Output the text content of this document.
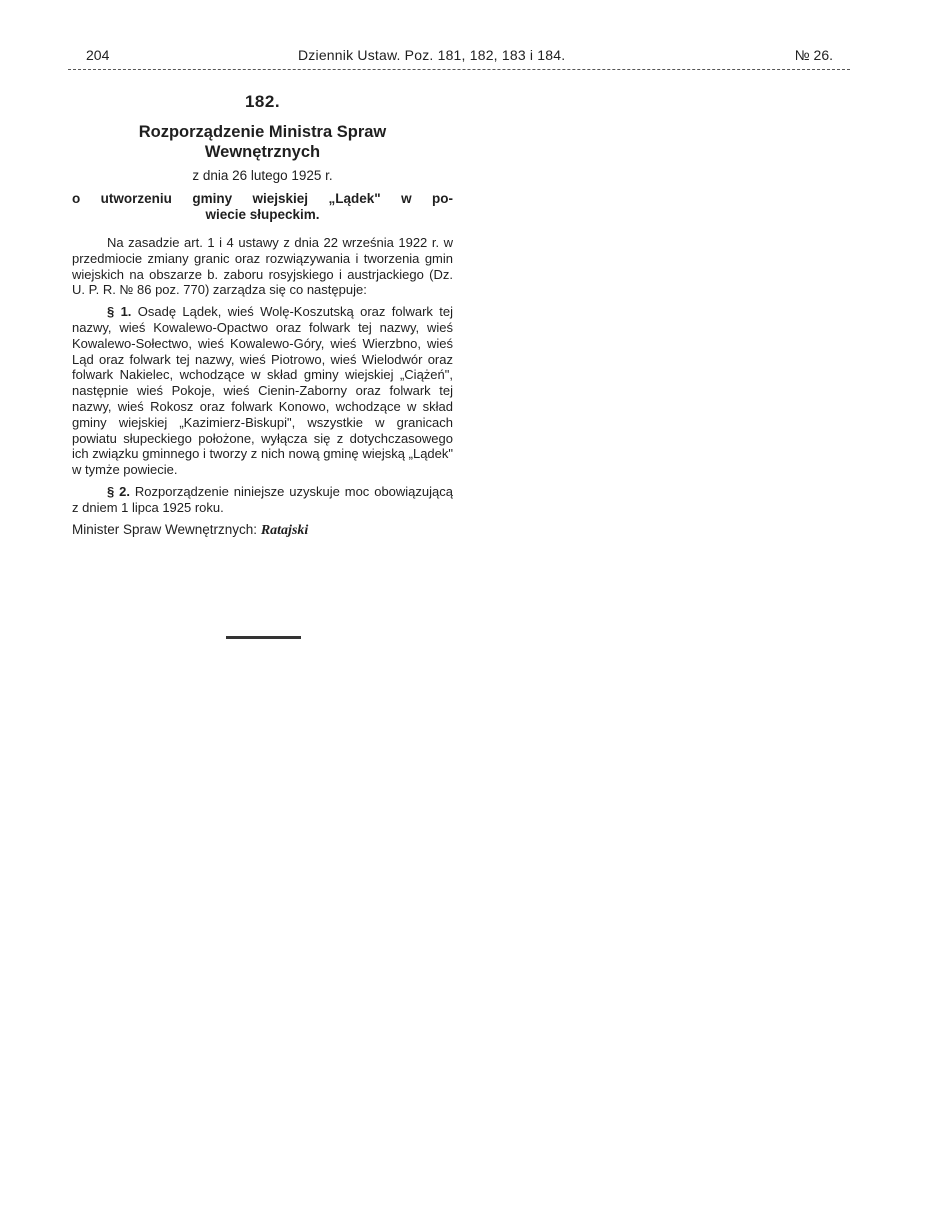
204	Dziennik Ustaw. Poz. 181, 182, 183 i 184.	№ 26.
182.
Rozporządzenie Ministra Spraw
Wewnętrznych
z dnia 26 lutego 1925 r.
o utworzeniu gminy wiejskiej „Lądek" w po-
wiecie słupeckim.

Na zasadzie art. 1 i 4 ustawy z dnia 22 września 1922 r. w przedmiocie zmiany granic oraz rozwiązywania i tworzenia gmin wiejskich na obszarze b. zaboru rosyjskiego i austrjackiego (Dz. U. P. R. № 86 poz. 770) zarządza się co następuje:

§ 1. Osadę Lądek, wieś Wolę-Koszutską oraz folwark tej nazwy, wieś Kowalewo-Opactwo oraz folwark tej nazwy, wieś Kowalewo-Sołectwo, wieś Kowalewo-Góry, wieś Wierzbno, wieś Ląd oraz folwark tej nazwy, wieś Piotrowo, wieś Wielodwór oraz folwark Nakielec, wchodzące w skład gminy wiejskiej „Ciążeń", następnie wieś Pokoje, wieś Cienin-Zaborny oraz folwark tej nazwy, wieś Rokosz oraz folwark Konowo, wchodzące w skład gminy wiejskiej „Kazimierz-Biskupi", wszystkie w granicach powiatu słupeckiego położone, wyłącza się z dotychczasowego ich związku gminnego i tworzy z nich nową gminę wiejską „Lądek" w tymże powiecie.

§ 2. Rozporządzenie niniejsze uzyskuje moc obowiązującą z dniem 1 lipca 1925 roku.

Minister Spraw Wewnętrznych: Ratajski
